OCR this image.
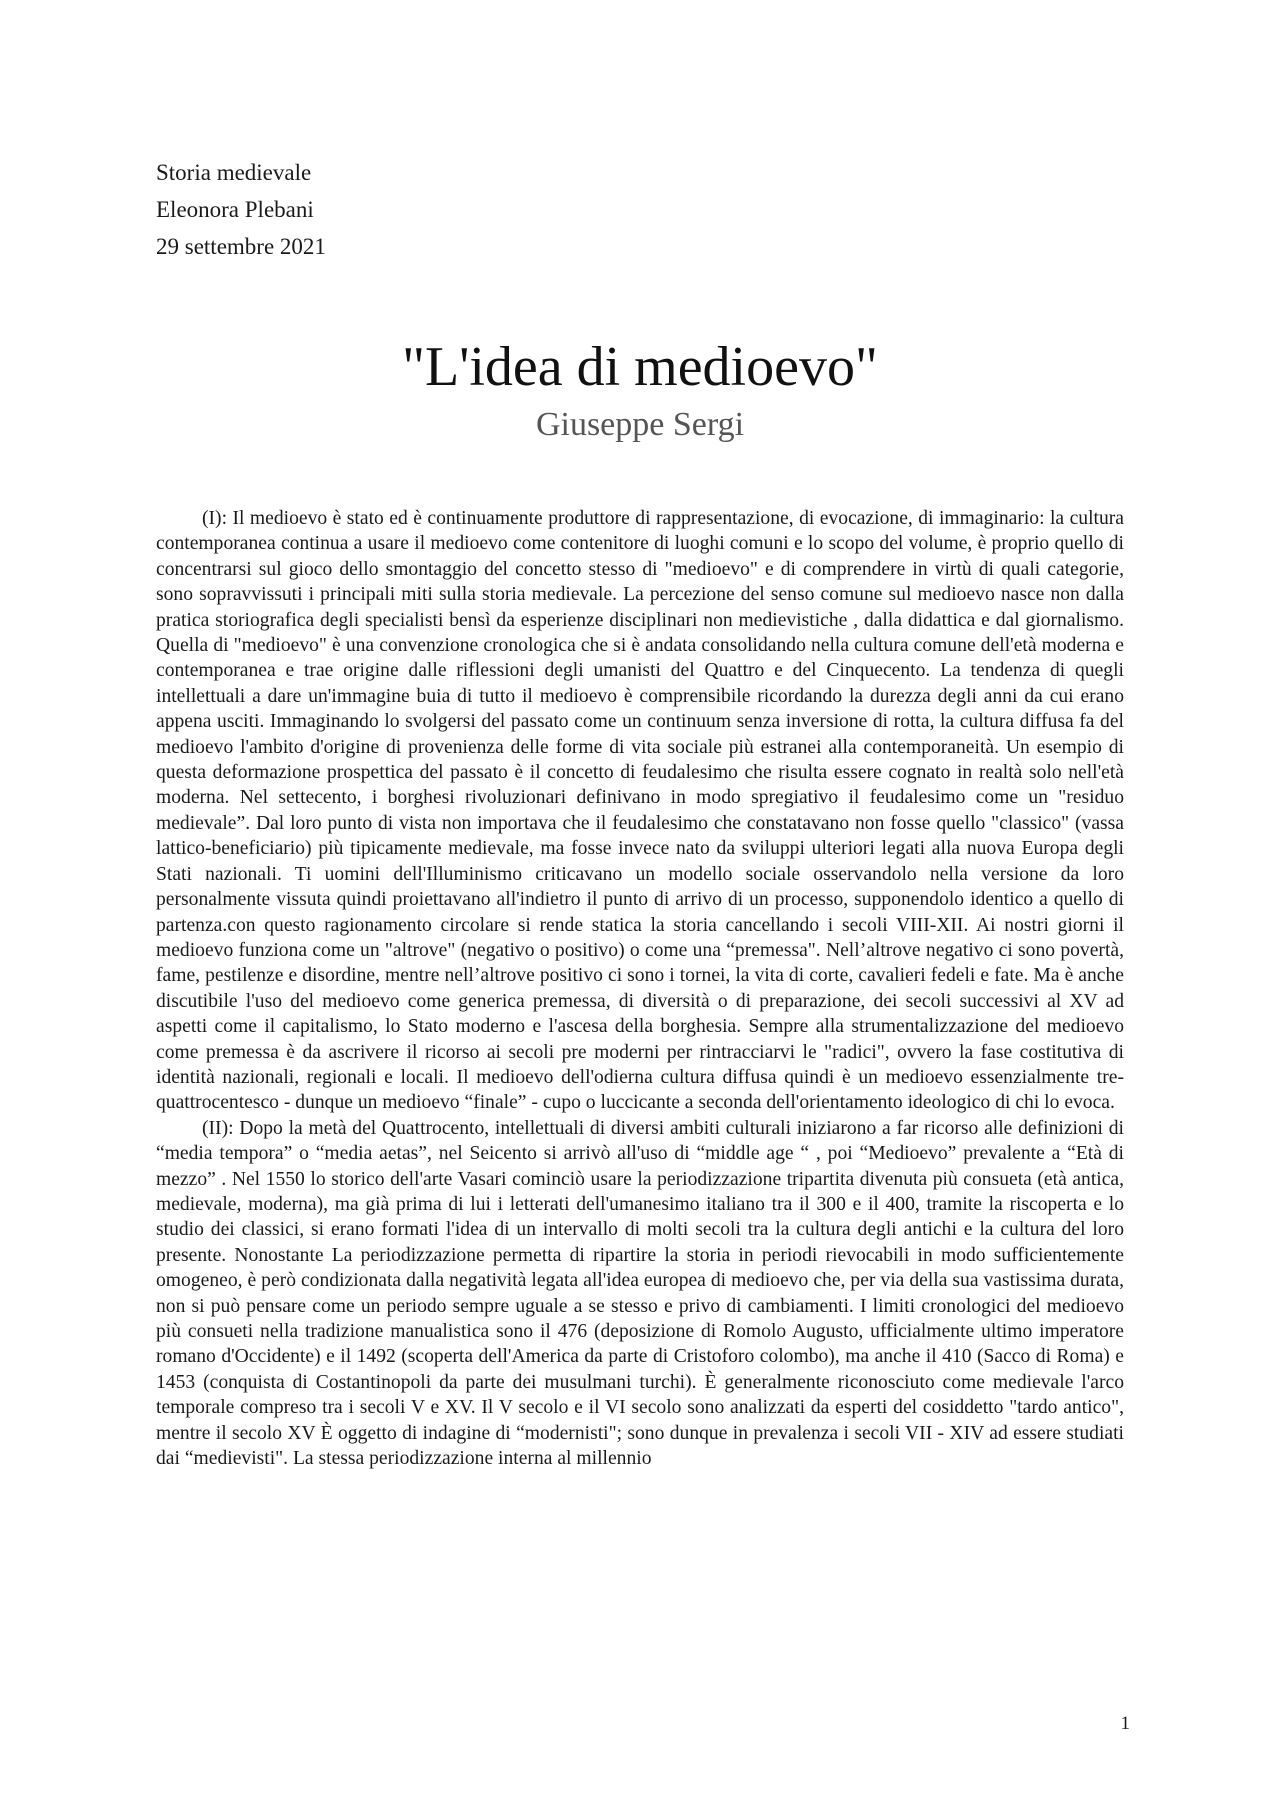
Storia medievale
Eleonora Plebani
29 settembre 2021
"L'idea di medioevo"
Giuseppe Sergi

(I): Il medioevo è stato ed è continuamente produttore di rappresentazione, di evocazione, di immaginario: la cultura contemporanea continua a usare il medioevo come contenitore di luoghi comuni e lo scopo del volume, è proprio quello di concentrarsi sul gioco dello smontaggio del concetto stesso di "medioevo" e di comprendere in virtù di quali categorie, sono sopravvissuti i principali miti sulla storia medievale. La percezione del senso comune sul medioevo nasce non dalla pratica storiografica degli specialisti bensì da esperienze disciplinari non medievistiche , dalla didattica e dal giornalismo. Quella di "medioevo" è una convenzione cronologica che si è andata consolidando nella cultura comune dell'età moderna e contemporanea e trae origine dalle riflessioni degli umanisti del Quattro e del Cinquecento. La tendenza di quegli intellettuali a dare un'immagine buia di tutto il medioevo è comprensibile ricordando la durezza degli anni da cui erano appena usciti. Immaginando lo svolgersi del passato come un continuum senza inversione di rotta, la cultura diffusa fa del medioevo l'ambito d'origine di provenienza delle forme di vita sociale più estranei alla contemporaneità. Un esempio di questa deformazione prospettica del passato è il concetto di feudalesimo che risulta essere cognato in realtà solo nell'età moderna. Nel settecento, i borghesi rivoluzionari definivano in modo spregiativo il feudalesimo come un "residuo medievale”. Dal loro punto di vista non importava che il feudalesimo che constatavano non fosse quello "classico" (vassa lattico-beneficiario) più tipicamente medievale, ma fosse invece nato da sviluppi ulteriori legati alla nuova Europa degli Stati nazionali. Ti uomini dell'Illuminismo criticavano un modello sociale osservandolo nella versione da loro personalmente vissuta quindi proiettavano all'indietro il punto di arrivo di un processo, supponendolo identico a quello di partenza.con questo ragionamento circolare si rende statica la storia cancellando i secoli VIII-XII. Ai nostri giorni il medioevo funziona come un "altrove" (negativo o positivo) o come una “premessa". Nell’altrove negativo ci sono povertà, fame, pestilenze e disordine, mentre nell’altrove positivo ci sono i tornei, la vita di corte, cavalieri fedeli e fate. Ma è anche discutibile l'uso del medioevo come generica premessa, di diversità o di preparazione, dei secoli successivi al XV ad aspetti come il capitalismo, lo Stato moderno e l'ascesa della borghesia. Sempre alla strumentalizzazione del medioevo come premessa è da ascrivere il ricorso ai secoli pre moderni per rintracciarvi le "radici", ovvero la fase costitutiva di identità nazionali, regionali e locali. Il medioevo dell'odierna cultura diffusa quindi è un medioevo essenzialmente tre-quattrocentesco - dunque un medioevo “finale” - cupo o luccicante a seconda dell'orientamento ideologico di chi lo evoca.

(II): Dopo la metà del Quattrocento, intellettuali di diversi ambiti culturali iniziarono a far ricorso alle definizioni di “media tempora” o “media aetas”, nel Seicento si arrivò all'uso di “middle age “ , poi “Medioevo” prevalente a “Età di mezzo” . Nel 1550 lo storico dell'arte Vasari cominciò usare la periodizzazione tripartita divenuta più consueta (età antica, medievale, moderna), ma già prima di lui i letterati dell'umanesimo italiano tra il 300 e il 400, tramite la riscoperta e lo studio dei classici, si erano formati l'idea di un intervallo di molti secoli tra la cultura degli antichi e la cultura del loro presente. Nonostante La periodizzazione permetta di ripartire la storia in periodi rievocabili in modo sufficientemente omogeneo, è però condizionata dalla negatività legata all'idea europea di medioevo che, per via della sua vastissima durata, non si può pensare come un periodo sempre uguale a se stesso e privo di cambiamenti. I limiti cronologici del medioevo più consueti nella tradizione manualistica sono il 476 (deposizione di Romolo Augusto, ufficialmente ultimo imperatore romano d'Occidente) e il 1492 (scoperta dell'America da parte di Cristoforo colombo), ma anche il 410 (Sacco di Roma) e 1453 (conquista di Costantinopoli da parte dei musulmani turchi). È generalmente riconosciuto come medievale l'arco temporale compreso tra i secoli V e XV. Il V secolo e il VI secolo sono analizzati da esperti del cosiddetto "tardo antico", mentre il secolo XV È oggetto di indagine di “modernisti"; sono dunque in prevalenza i secoli VII - XIV ad essere studiati dai “medievisti". La stessa periodizzazione interna al millennio

1
